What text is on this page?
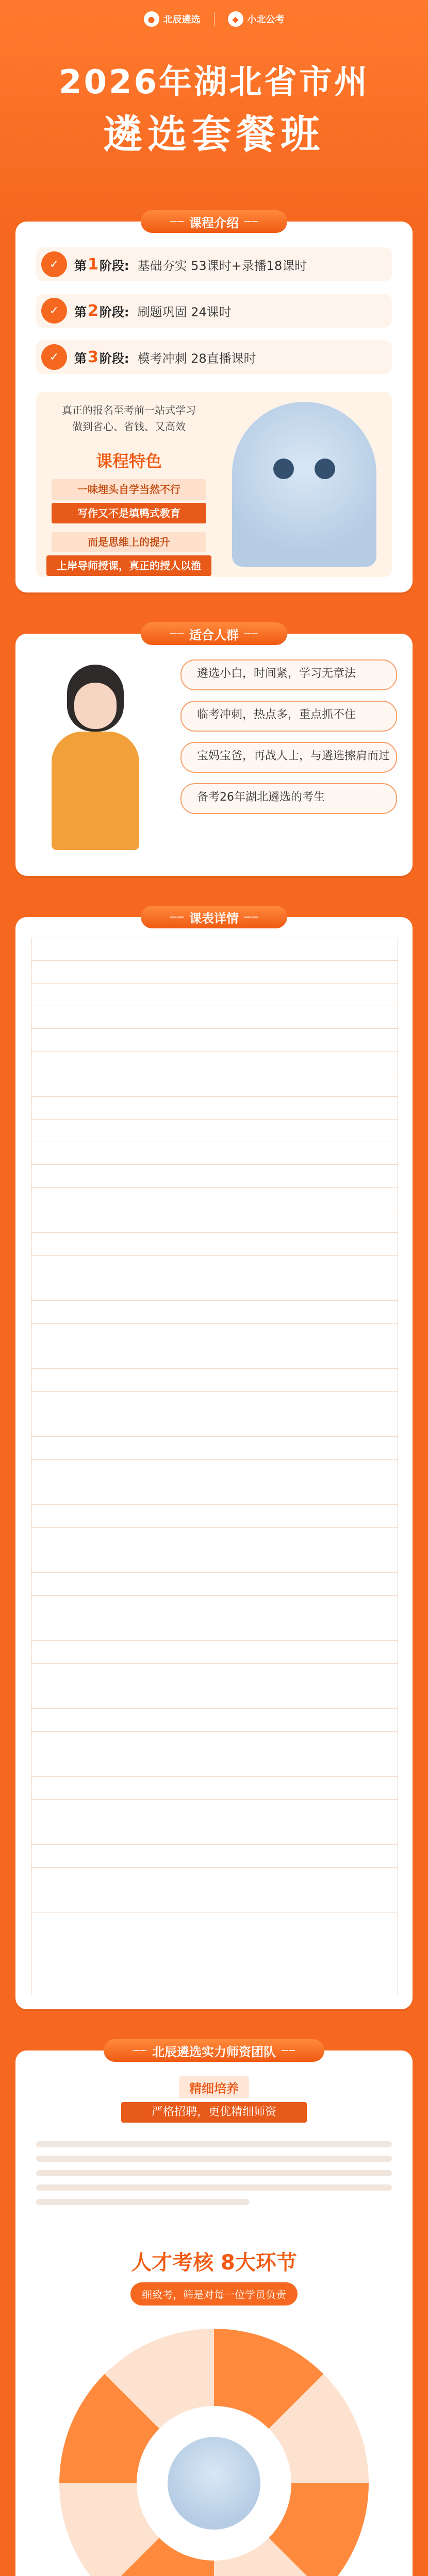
● 北辰遴选	◆ 小北公考
2026年湖北省市州
遴选套餐班
—— 课程介绍 ——
✓	第 1 阶段: 基础夯实 53课时+录播18课时
✓	第 2 阶段: 刷题巩固 24课时
✓	第 3 阶段: 模考冲刺 28直播课时
真正的报名至考前一站式学习
做到省心、省钱、又高效
课程特色
一味埋头自学当然不行
写作又不是填鸭式教育
而是思维上的提升
上岸导师授课，真正的授人以渔
—— 适合人群 ——
遴选小白，时间紧，学习无章法
临考冲刺，热点多，重点抓不住
宝妈宝爸，再战人士，与遴选擦肩而过
备考26年湖北遴选的考生
—— 课表详情 ——
—— 北辰遴选实力师资团队 ——
精细培养
严格招聘，更优精细师资
人才考核 8大环节
细致考，筛是对每一位学员负责
